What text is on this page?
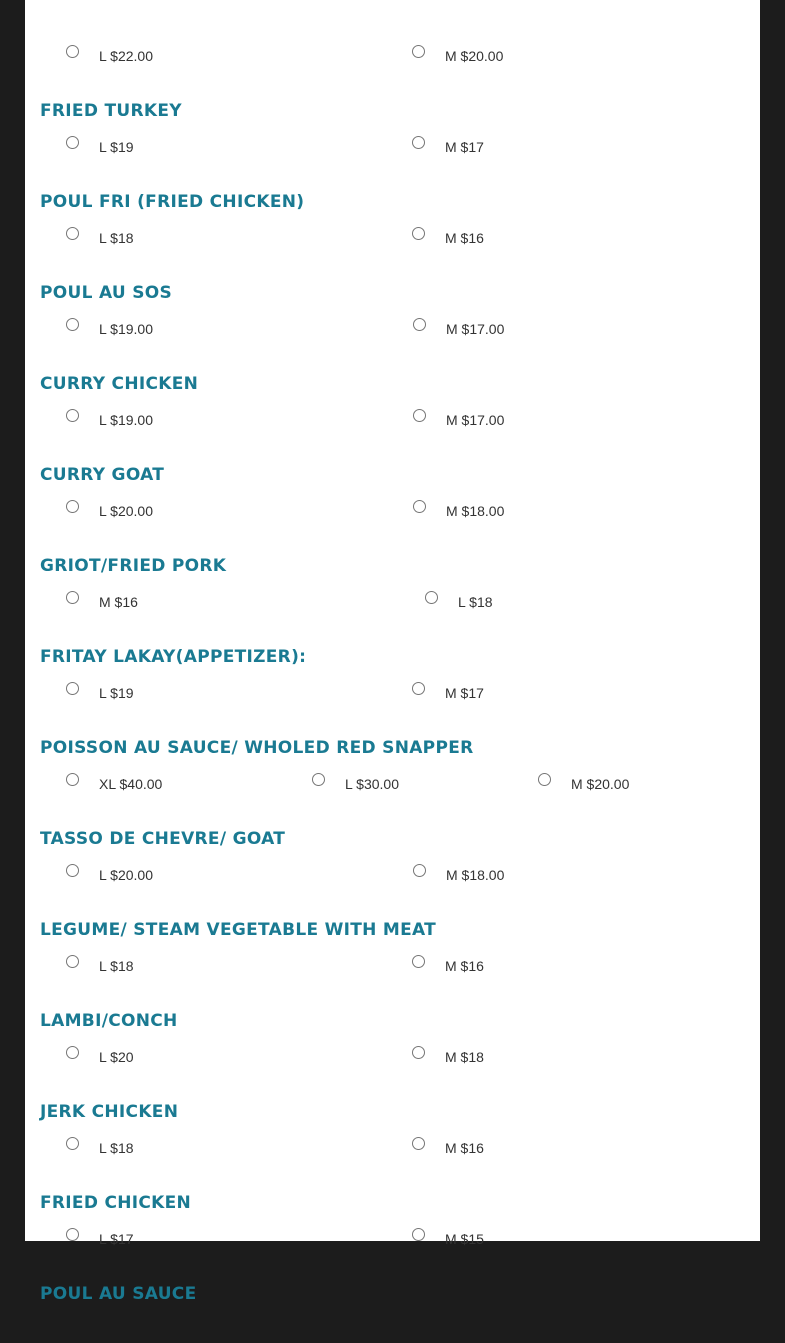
L $22.00	M $20.00
FRIED TURKEY
L $19	M $17
POUL FRI (FRIED CHICKEN)
L $18	M $16
POUL AU SOS
L $19.00	M $17.00
CURRY CHICKEN
L $19.00	M $17.00
CURRY GOAT
L $20.00	M $18.00
GRIOT/FRIED PORK
M $16	L $18
FRITAY LAKAY(APPETIZER):
L $19	M $17
POISSON AU SAUCE/ WHOLED RED SNAPPER
XL $40.00	L $30.00	M $20.00
TASSO DE CHEVRE/ GOAT
L $20.00	M $18.00
LEGUME/ STEAM VEGETABLE WITH MEAT
L $18	M $16
LAMBI/CONCH
L $20	M $18
JERK CHICKEN
L $18	M $16
FRIED CHICKEN
L $17	M $15
POUL AU SAUCE
